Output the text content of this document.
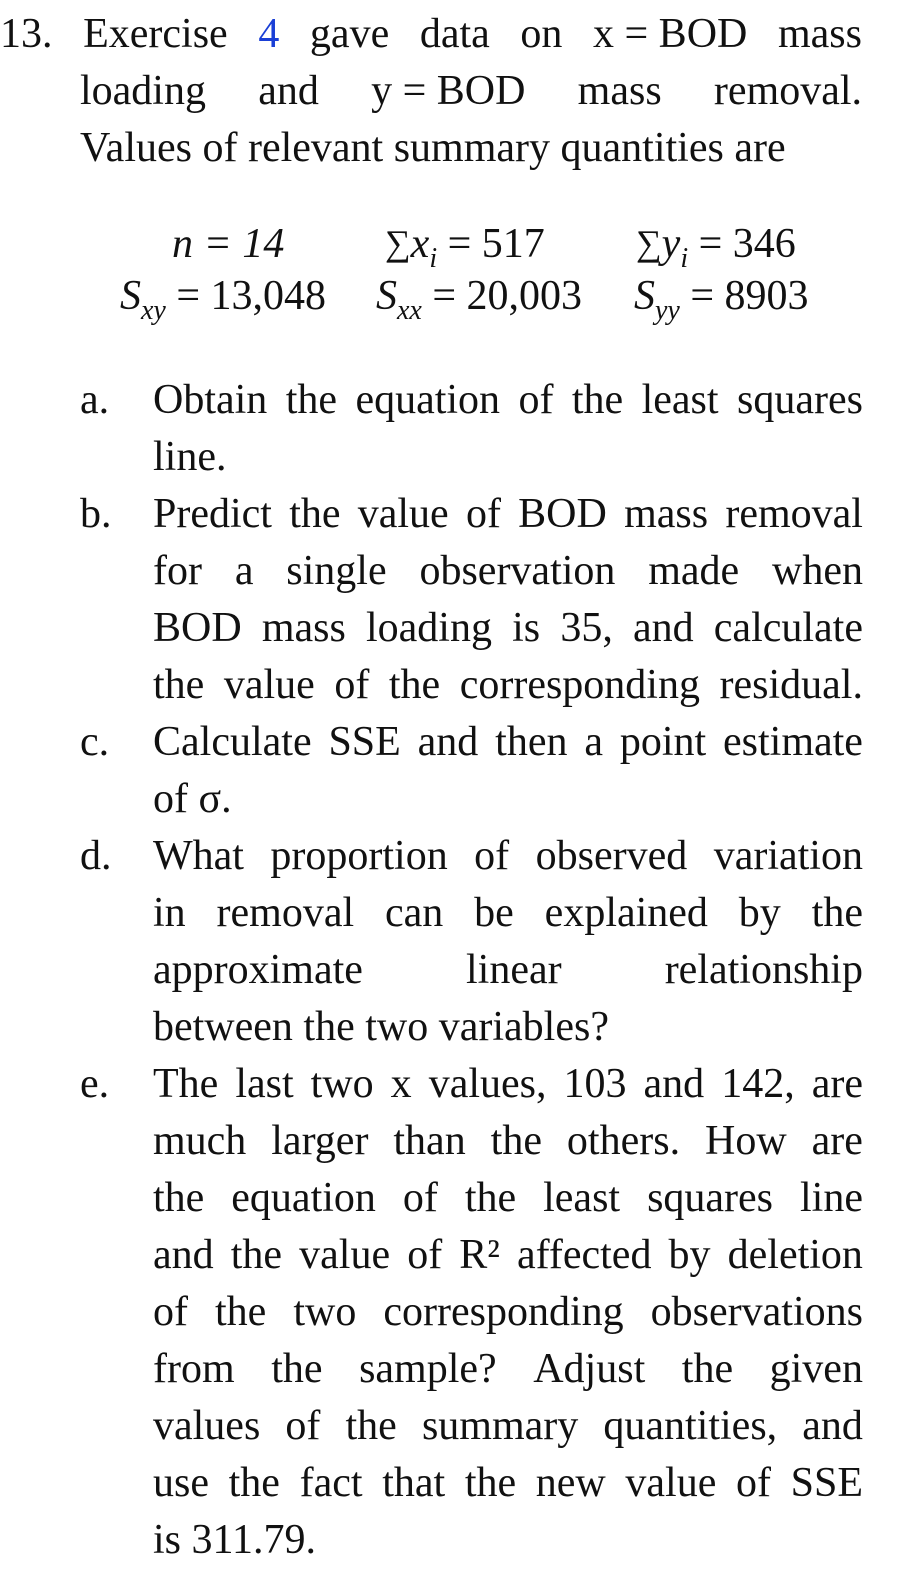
13. Exercise 4 gave data on x = BOD mass
loading and y = BOD mass removal.
Values of relevant summary quantities are
n = 14	$\sum x_i = 517$	$\sum y_i = 346$
$S_{xy} = 13,048$ $S_{xx} = 20,003$ $S_{yy} = 8903$
a. Obtain the equation of the least squares
line.
b. Predict the value of BOD mass removal
for a single observation made when
BOD mass loading is 35, and calculate
the value of the corresponding residual.
c. Calculate SSE and then a point estimate
of σ.
d. What proportion of observed variation
in removal can be explained by the
approximate linear relationship
between the two variables?
e. The last two x values, 103 and 142, are
much larger than the others. How are
the equation of the least squares line
and the value of R² affected by deletion
of the two corresponding observations
from the sample? Adjust the given
values of the summary quantities, and
use the fact that the new value of SSE
is 311.79.
